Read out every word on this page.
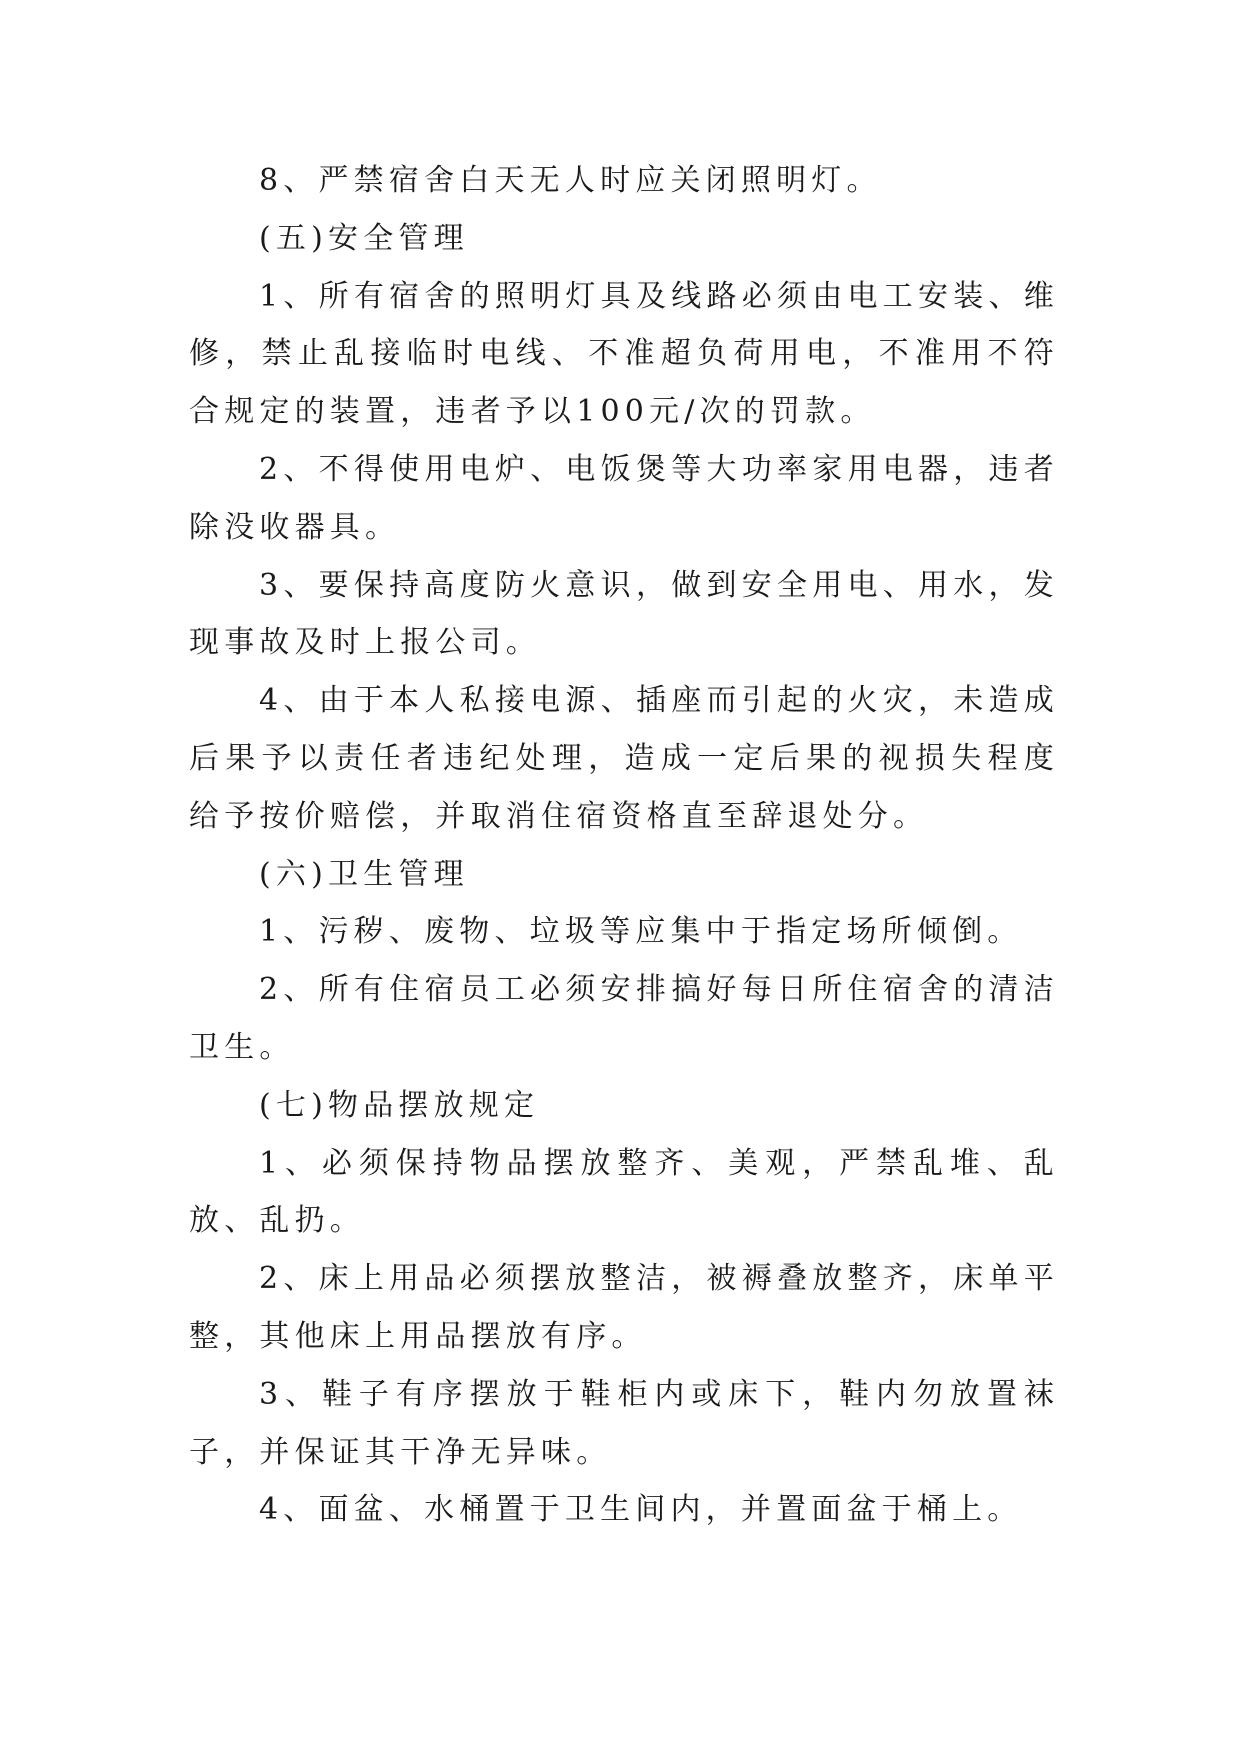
8、严禁宿舍白天无人时应关闭照明灯。

(五)安全管理

1、所有宿舍的照明灯具及线路必须由电工安装、维修，禁止乱接临时电线、不准超负荷用电，不准用不符合规定的装置，违者予以100元/次的罚款。

2、不得使用电炉、电饭煲等大功率家用电器，违者除没收器具。

3、要保持高度防火意识，做到安全用电、用水，发现事故及时上报公司。

4、由于本人私接电源、插座而引起的火灾，未造成后果予以责任者违纪处理，造成一定后果的视损失程度给予按价赔偿，并取消住宿资格直至辞退处分。

(六)卫生管理

1、污秽、废物、垃圾等应集中于指定场所倾倒。

2、所有住宿员工必须安排搞好每日所住宿舍的清洁卫生。

(七)物品摆放规定

1、必须保持物品摆放整齐、美观，严禁乱堆、乱放、乱扔。

2、床上用品必须摆放整洁，被褥叠放整齐，床单平整，其他床上用品摆放有序。

3、鞋子有序摆放于鞋柜内或床下，鞋内勿放置袜子，并保证其干净无异味。

4、面盆、水桶置于卫生间内，并置面盆于桶上。
